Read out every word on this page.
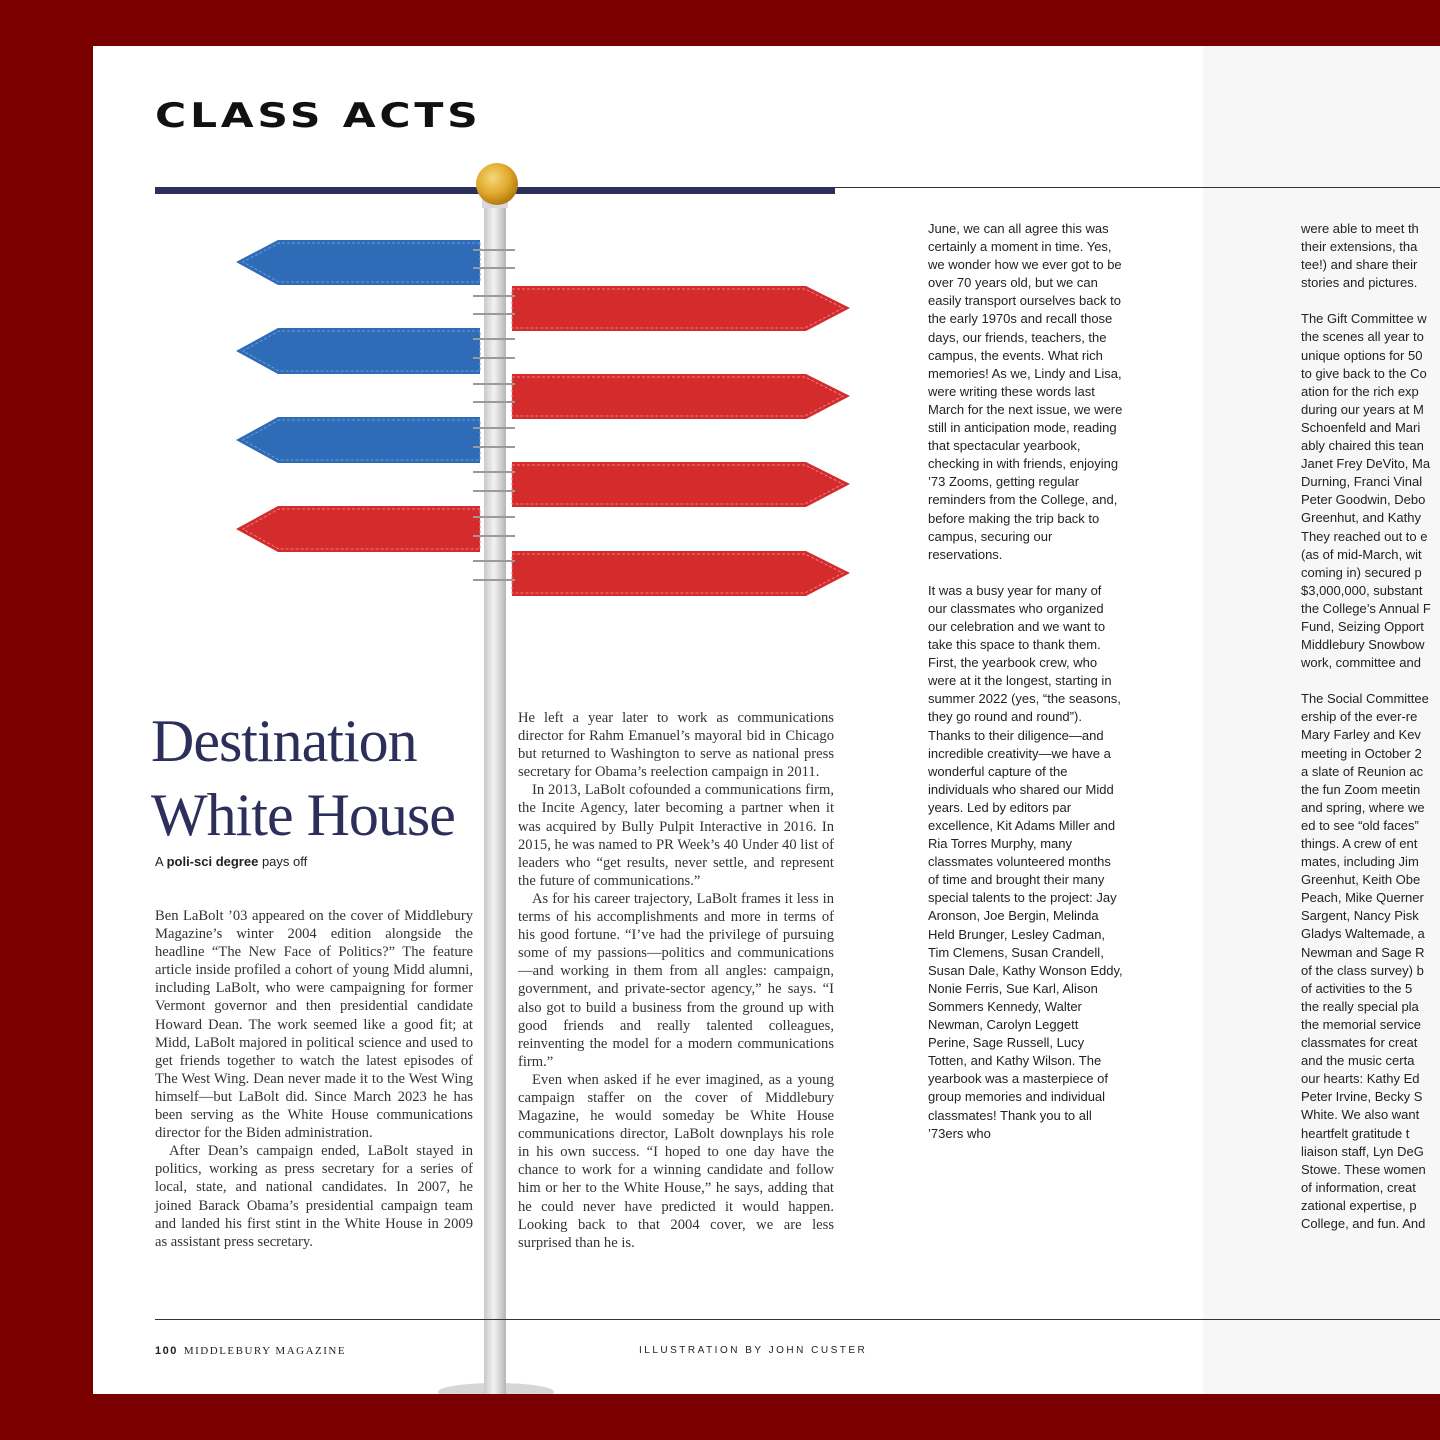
CLASS ACTS
Destination
White House
A poli-sci degree pays off

Ben LaBolt ’03 appeared on the cover of Middlebury Magazine’s winter 2004 edition alongside the headline “The New Face of Politics?” The feature article inside profiled a cohort of young Midd alumni, including LaBolt, who were campaigning for former Vermont governor and then presidential candidate Howard Dean. The work seemed like a good fit; at Midd, LaBolt majored in political science and used to get friends together to watch the latest episodes of The West Wing. Dean never made it to the West Wing himself—but LaBolt did. Since March 2023 he has been serving as the White House communications director for the Biden administration.

After Dean’s campaign ended, LaBolt stayed in politics, working as press secretary for a series of local, state, and national candidates. In 2007, he joined Barack Obama’s presidential campaign team and landed his first stint in the White House in 2009 as assistant press secretary.

He left a year later to work as communications director for Rahm Emanuel’s mayoral bid in Chicago but returned to Washington to serve as national press secretary for Obama’s reelection campaign in 2011.

In 2013, LaBolt cofounded a communications firm, the Incite Agency, later becoming a partner when it was acquired by Bully Pulpit Interactive in 2016. In 2015, he was named to PR Week’s 40 Under 40 list of leaders who “get results, never settle, and represent the future of communications.”

As for his career trajectory, LaBolt frames it less in terms of his accomplishments and more in terms of his good fortune. “I’ve had the privilege of pursuing some of my passions—politics and communications—and working in them from all angles: campaign, government, and private-sector agency,” he says. “I also got to build a business from the ground up with good friends and really talented colleagues, reinventing the model for a modern communications firm.”

Even when asked if he ever imagined, as a young campaign staffer on the cover of Middlebury Magazine, he would someday be White House communications director, LaBolt downplays his role in his own success. “I hoped to one day have the chance to work for a winning candidate and follow him or her to the White House,” he says, adding that he could never have predicted it would happen. Looking back to that 2004 cover, we are less surprised than he is.

June, we can all agree this was certainly a moment in time. Yes, we wonder how we ever got to be over 70 years old, but we can easily transport ourselves back to the early 1970s and recall those days, our friends, teachers, the campus, the events. What rich memories! As we, Lindy and Lisa, were writing these words last March for the next issue, we were still in anticipation mode, reading that spectacular yearbook, checking in with friends, enjoying ’73 Zooms, getting regular reminders from the College, and, before making the trip back to campus, securing our reservations.

It was a busy year for many of our classmates who organized our celebration and we want to take this space to thank them. First, the yearbook crew, who were at it the longest, starting in summer 2022 (yes, “the seasons, they go round and round”). Thanks to their diligence—and incredible creativity—we have a wonderful capture of the individuals who shared our Midd years. Led by editors par excellence, Kit Adams Miller and Ria Torres Murphy, many classmates volunteered months of time and brought their many special talents to the project: Jay Aronson, Joe Bergin, Melinda Held Brunger, Lesley Cadman, Tim Clemens, Susan Crandell, Susan Dale, Kathy Wonson Eddy, Nonie Ferris, Sue Karl, Alison Sommers Kennedy, Walter Newman, Carolyn Leggett Perine, Sage Russell, Lucy Totten, and Kathy Wilson. The yearbook was a masterpiece of group memories and individual classmates! Thank you to all ’73ers who

were able to meet th
their extensions, tha
tee!) and share their
stories and pictures.

The Gift Committee w
the scenes all year to
unique options for 50
to give back to the Co
ation for the rich exp
during our years at M
Schoenfeld and Mari
ably chaired this tean
Janet Frey DeVito, Ma
Durning, Franci Vinal
Peter Goodwin, Debo
Greenhut, and Kathy
They reached out to e
(as of mid-March, wit
coming in) secured p
$3,000,000, substant
the College’s Annual F
Fund, Seizing Opport
Middlebury Snowbow
work, committee and

The Social Committee
ership of the ever-re
Mary Farley and Kev
meeting in October 2
a slate of Reunion ac
the fun Zoom meetin
and spring, where we
ed to see “old faces”
things. A crew of ent
mates, including Jim
Greenhut, Keith Obe
Peach, Mike Querner
Sargent, Nancy Pisk
Gladys Waltemade, a
Newman and Sage R
of the class survey) b
of activities to the 5
the really special pla
the memorial service
classmates for creat
and the music certa
our hearts: Kathy Ed
Peter Irvine, Becky S
White. We also want
heartfelt gratitude t
liaison staff, Lyn DeG
Stowe. These women
of information, creat
zational expertise, p
College, and fun. And

100 MIDDLEBURY MAGAZINE	ILLUSTRATION BY JOHN CUSTER
